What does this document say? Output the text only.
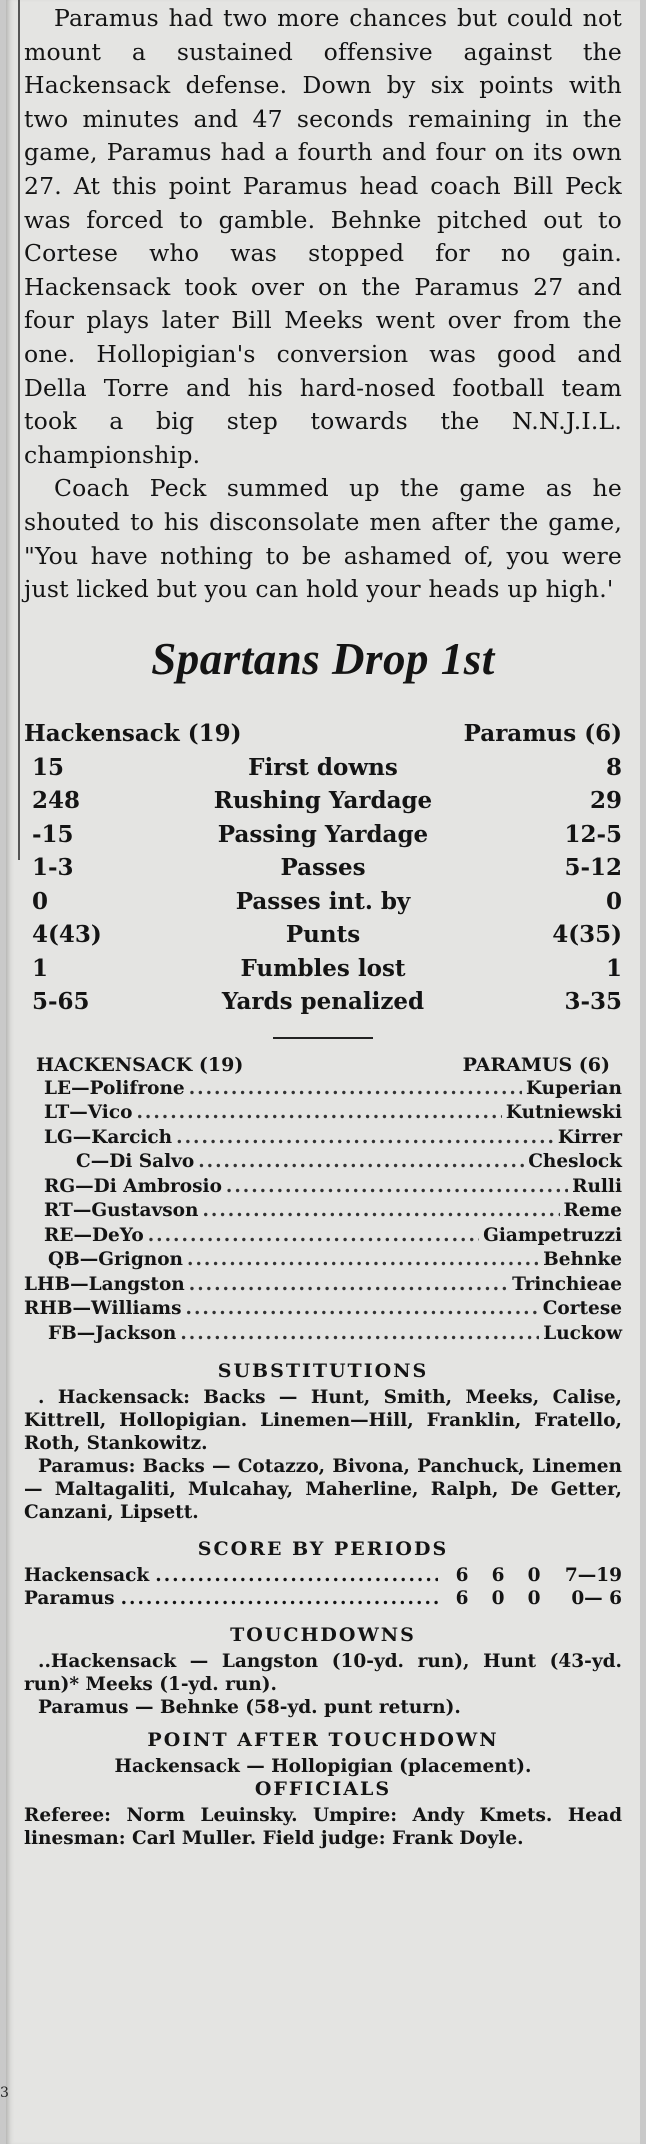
Paramus had two more chances but could not mount a sustained offensive against the Hackensack defense. Down by six points with two minutes and 47 seconds remaining in the game, Paramus had a fourth and four on its own 27. At this point Paramus head coach Bill Peck was forced to gamble. Behnke pitched out to Cortese who was stopped for no gain. Hackensack took over on the Paramus 27 and four plays later Bill Meeks went over from the one. Hollopigian's conversion was good and Della Torre and his hard-nosed football team took a big step towards the N.N.J.I.L. championship.

Coach Peck summed up the game as he shouted to his disconsolate men after the game, "You have nothing to be ashamed of, you were just licked but you can hold your heads up high.'

Spartans Drop 1st
Hackensack (19)	Paramus (6)
15	First downs	8
248	Rushing Yardage	29
-15	Passing Yardage	12-5
1-3	Passes	5-12
0	Passes int. by	0
4(43)	Punts	4(35)
1	Fumbles lost	1
5-65	Yards penalized	3-35
HACKENSACK (19)	PARAMUS (6)
LE—Polifrone .....	Kuperian
LT—Vico .....	Kutniewski
LG—Karcich .....	Kirrer
C—Di Salvo .....	Cheslock
RG—Di Ambrosio .....	Rulli
RT—Gustavson .....	Reme
RE—DeYo .....	Giampetruzzi
QB—Grignon .....	Behnke
LHB—Langston .....	Trinchieae
RHB—Williams .....	Cortese
FB—Jackson .....	Luckow
SUBSTITUTIONS

. Hackensack: Backs — Hunt, Smith, Meeks, Calise, Kittrell, Hollopigian. Linemen—Hill, Franklin, Fratello, Roth, Stankowitz.

Paramus: Backs — Cotazzo, Bivona, Panchuck, Linemen — Maltagaliti, Mulcahay, Maherline, Ralph, De Getter, Canzani, Lipsett.

SCORE BY PERIODS
Hackensack .....	6	6	0	7—19
Paramus .....	6	0	0	0— 6
TOUCHDOWNS

..Hackensack — Langston (10-yd. run), Hunt (43-yd. run)* Meeks (1-yd. run).

Paramus — Behnke (58-yd. punt return).

POINT AFTER TOUCHDOWN
Hackensack — Hollopigian (placement).
OFFICIALS

Referee: Norm Leuinsky. Umpire: Andy Kmets. Head linesman: Carl Muller. Field judge: Frank Doyle.

3
